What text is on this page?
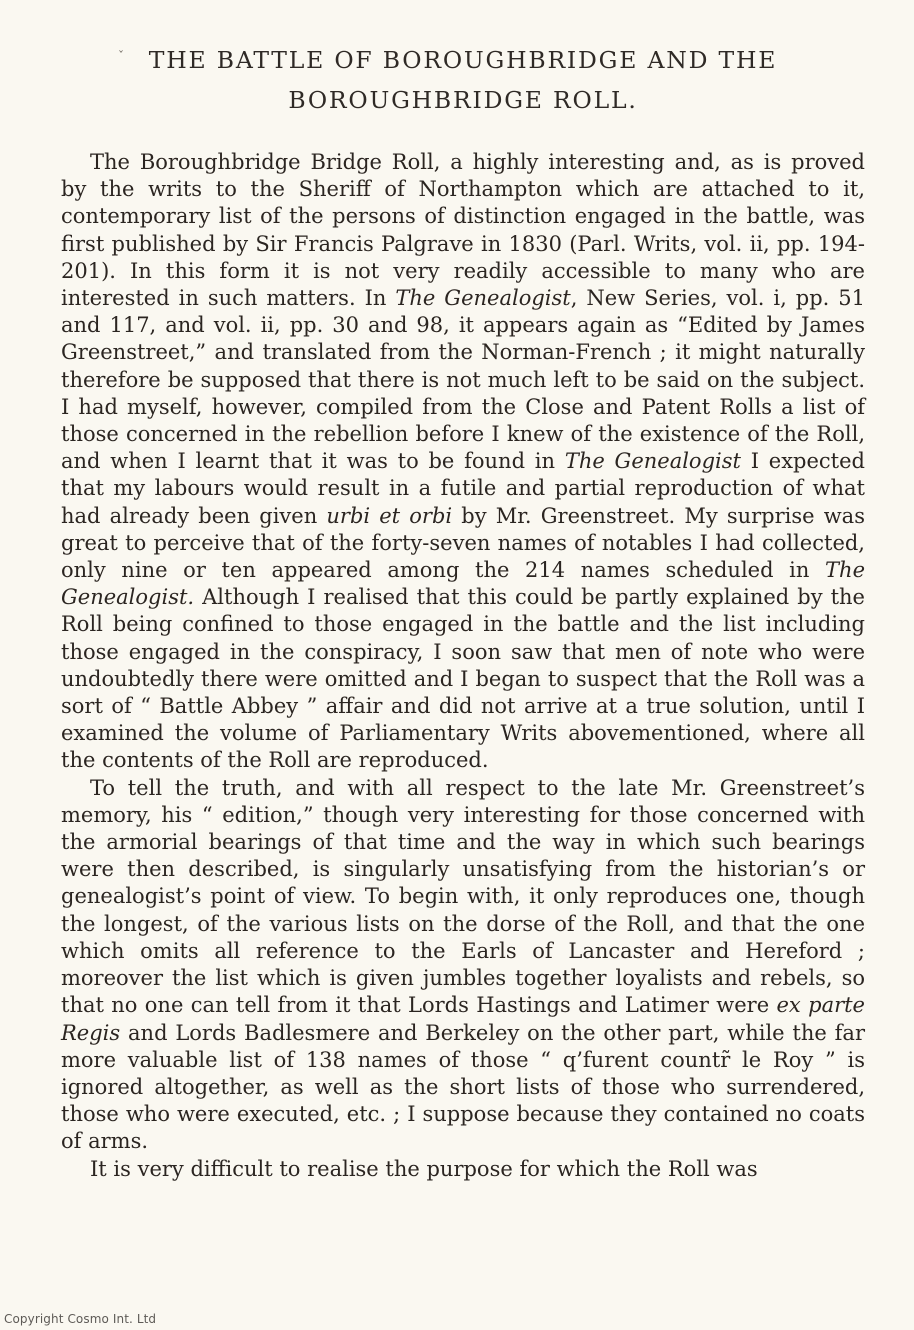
ˇ THE BATTLE OF BOROUGHBRIDGE AND THE
BOROUGHBRIDGE ROLL.

The Boroughbridge Bridge Roll, a highly interesting and, as is proved by the writs to the Sheriff of Northampton which are attached to it, contemporary list of the persons of distinction engaged in the battle, was first published by Sir Francis Palgrave in 1830 (Parl. Writs, vol. ii, pp. 194-201). In this form it is not very readily accessible to many who are interested in such matters. In The Genealogist, New Series, vol. i, pp. 51 and 117, and vol. ii, pp. 30 and 98, it appears again as “Edited by James Greenstreet,” and translated from the Norman-French ; it might naturally therefore be supposed that there is not much left to be said on the subject. I had myself, however, compiled from the Close and Patent Rolls a list of those concerned in the rebellion before I knew of the existence of the Roll, and when I learnt that it was to be found in The Genealogist I expected that my labours would result in a futile and partial reproduction of what had already been given urbi et orbi by Mr. Greenstreet. My surprise was great to perceive that of the forty-seven names of notables I had collected, only nine or ten appeared among the 214 names scheduled in The Genealogist. Although I realised that this could be partly explained by the Roll being confined to those engaged in the battle and the list including those engaged in the conspiracy, I soon saw that men of note who were undoubtedly there were omitted and I began to suspect that the Roll was a sort of “ Battle Abbey ” affair and did not arrive at a true solution, until I examined the volume of Parliamentary Writs abovementioned, where all the contents of the Roll are reproduced.

To tell the truth, and with all respect to the late Mr. Greenstreet’s memory, his “ edition,” though very interesting for those concerned with the armorial bearings of that time and the way in which such bearings were then described, is singularly unsatisfying from the historian’s or genealogist’s point of view. To begin with, it only reproduces one, though the longest, of the various lists on the dorse of the Roll, and that the one which omits all reference to the Earls of Lancaster and Hereford ; moreover the list which is given jumbles together loyalists and rebels, so that no one can tell from it that Lords Hastings and Latimer were ex parte Regis and Lords Badlesmere and Berkeley on the other part, while the far more valuable list of 138 names of those “ q’furent countr̃ le Roy ” is ignored altogether, as well as the short lists of those who surrendered, those who were executed, etc. ; I suppose because they contained no coats of arms.

It is very difficult to realise the purpose for which the Roll was

Copyright Cosmo Int. Ltd
